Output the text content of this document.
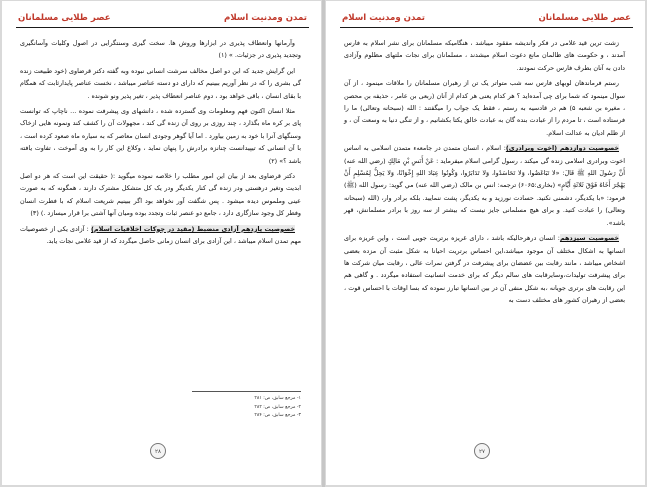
تمدن ومدنیت اسلام
عصر طلایی مسلمانان

وآرمانها وانعطاف پذیری در ابزارها وروش ها. سخت گیری وسنتگرایی در اصول وکلیات وآسانگیری وتجدید پذیری در جزئیات. » (۱)

این گرایش جدید که ابن دو اصل مخالف سرشت انسانی نبوده وبه گفته دکتر قرضاوی (خود طبیعت زنده گی بشری را که در نظر آوریم ببینیم که دارای دو دسته عناصر میباشد ، نخست عناصر پایدارثابت که همگام با بقای انسان ، باقی خواهد بود ، دوم عناصر انعطاف پذیر ، تغیر پذیر ونو شونده .

مثلا انسان اکنون فهم ومعلومات وی گسترده شده ، دانشهای وی پیشرفت نموده ... ناچاپ که توانست پای بر کره ماه بگذارد ، چند روزی بر روی آن زنده گی کند ، مجهولات آن را کشف کند ونمونه هایی ازخاک وسنگهای آنرا با خود به زمین بیاورد . اما آیا گوهر وجودی انسان معاصر که به سیاره ماه صعود کرده است ، با آن انسانی که تیپیدانست چنانزه برادرش را پنهان نماید ، وکلاغ این کار را به وی آموخت ، تفاوت یافته باشد ؟» (۲)

دکتر قرضاوی بعد از بیان این امور مطلب را خلاصه نموده میگوید :( حقیقت این است که هر دو اصل ابدیت وتغیر درهستی ودر زنده گی کنار یکدیگر ودر یک کل متشکل مشترک دارند ، همگونه که به صورت عینی وملموس دیده میشود . پس شگفت آور نخواهد بود اگر ببینیم شریعت اسلام که با فطرت انسان وفطر کل وجود سازگاری دارد ، جامع دو عنصر ثبات وتجدد بوده ومیان آنها آشتی برا قرار میسازد .) (۳)

خصوصیت یازدهم آزادی منضبط (مقید در چوکات اخلاقیات اسلام) : آزادی یکی از خصوصیات مهم تمدن اسلام میباشد ، این آزادی برای انسان زمانی حاصل میگردد که از قید غلامی نجات یابد.

۱- مرجع سابق، ص: ۲۸۱
۲- مرجع سابق، ص: ۲۸۲
۳- مرجع سابق، ص: ۲۸۴
۲۸
عصر طلایی مسلمانان
تمدن ومدنیت اسلام

زشت ترین قید غلامی در فکر واندیشه مفقود میباشد ، هنگامیکه مسلمانان برای نشر اسلام به فارس آمدند ، و حکومت های ظالمان مانع دعوت اسلام میشدند ، مسلمانان برای نجات ملتهای مظلوم وآزادی دادن به آنان بطرف فارس حرکت نمودند.

رستم فرماندهان لوبهای فارس سه شب متواتر یک تن از رهبران مسلمانان را ملاقات مینمود ، از آن سوال مینمود که شما برای چی آمده‌اید ؟ هر کدام یعنی هر کدام از آنان (ربعی بن عامر ، حذیفه بن محصن ، مغیره بن شعبه ۵) هم در قادسیه به رستم ، فقط یک جواب را میگفتند : الله (سبحانه وتعالی) ما را فرستاده است ، تا مردم را از عبادت بنده گان به عبادت خالق یکتا بکشانیم ، و از تنگی دنیا به وسعت آن ، و از ظلم ادیان به عدالت اسلام.

خصوصیت دوازدهم (اخوت وبرادری): اسلام ، انسان متمدن در جامعه‌ء متمدن اسلامی به اساس اخوت وبرادری اسلامی زنده گی میکند ، رسول گرامی اسلام میفرماید : عَنْ أَنَسِ بْنِ مَالِكٍ (رضي الله عنه) أَنَّ رَسُولَ اللهِ ﷺ قَالَ: «لا تَبَاغَضُوا، وَلا تَحَاسَدُوا، وَلا تَدَابَرُوا، وَكُونُوا عِبَادَ اللهِ إِخْوَانًا، وَلا يَحِلُّ لِمُسْلِمٍ أَنْ يَهْجُرَ أَخَاهُ فَوْقَ ثَلاثَةِ أَيَّامٍ» (بخاری:۶۰۶۵) ترجمه: انس بن مالک (رضي الله عنه) مي گويد: رسول الله (ﷺ) فرمود: «با يكديگر، دشمنی نكنيد. حسادت نورزيد و به يكديگر، پشت ننماييد. بلكه برادر وار، (الله (سبحانه وتعالی) را عبادت كنيد. و برای هيچ مسلمانی جايز نيست كه بيشتر از سه روز با برادر مسلمانش، قهر باشد».

خصوصیت سیزدهم: انسان درهرحالیکه باشد ، دارای غریزه برتریت جویی است ، واین غریزه برای انسانها به اشکال مختلف آن موجود میباشد،این احساس برتریت احیانا به شکل مثبت آن مزده بعضی اشخاص میباشد ، مانند رقابت بین عضضان برای پیشرفت در گرفتن نمرات عالی ، رقابت میان شرکت ها برای پیشرفت تولیدات،وسایرقابت های سالم دیگر که برای خدمت انسانیت استفاده میگردد . و گاهی هم این رقابت های برتری جویانه ،به شکل منفی آن در بین انسانها تبارز نموده که بسا اوقات با احساس قوت ، بعضی از رهبران کشور های مختلف دست به

۲۷
